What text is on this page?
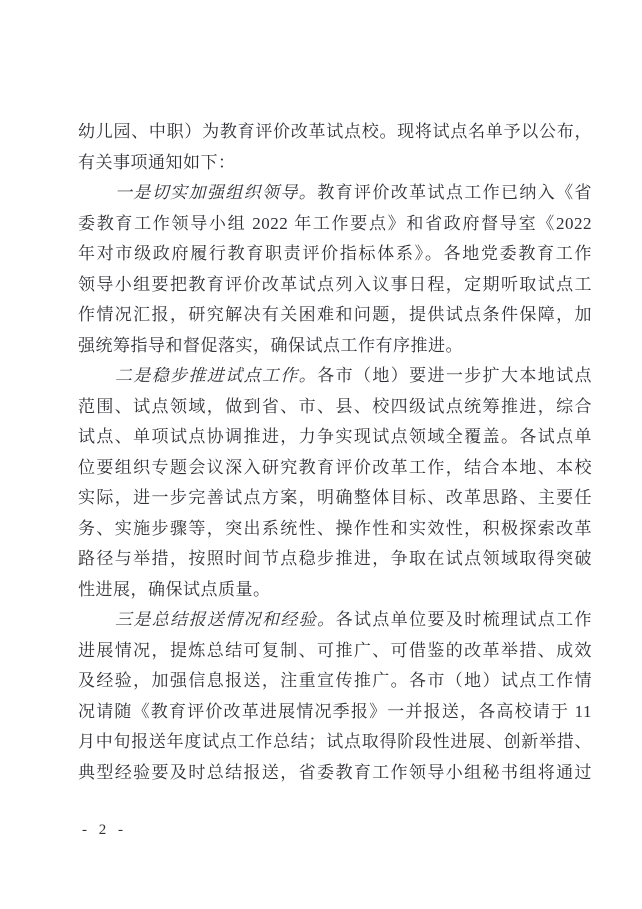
幼儿园、中职）为教育评价改革试点校。现将试点名单予以公布，
有关事项通知如下：
一是切实加强组织领导。教育评价改革试点工作已纳入《省
委教育工作领导小组 2022 年工作要点》和省政府督导室《2022
年对市级政府履行教育职责评价指标体系》。各地党委教育工作
领导小组要把教育评价改革试点列入议事日程，定期听取试点工
作情况汇报，研究解决有关困难和问题，提供试点条件保障，加
强统筹指导和督促落实，确保试点工作有序推进。
二是稳步推进试点工作。各市（地）要进一步扩大本地试点
范围、试点领域，做到省、市、县、校四级试点统筹推进，综合
试点、单项试点协调推进，力争实现试点领域全覆盖。各试点单
位要组织专题会议深入研究教育评价改革工作，结合本地、本校
实际，进一步完善试点方案，明确整体目标、改革思路、主要任
务、实施步骤等，突出系统性、操作性和实效性，积极探索改革
路径与举措，按照时间节点稳步推进，争取在试点领域取得突破
性进展，确保试点质量。
三是总结报送情况和经验。各试点单位要及时梳理试点工作
进展情况，提炼总结可复制、可推广、可借鉴的改革举措、成效
及经验，加强信息报送，注重宣传推广。各市（地）试点工作情
况请随《教育评价改革进展情况季报》一并报送，各高校请于 11
月中旬报送年度试点工作总结；试点取得阶段性进展、创新举措、
典型经验要及时总结报送，省委教育工作领导小组秘书组将通过
- 2 -
